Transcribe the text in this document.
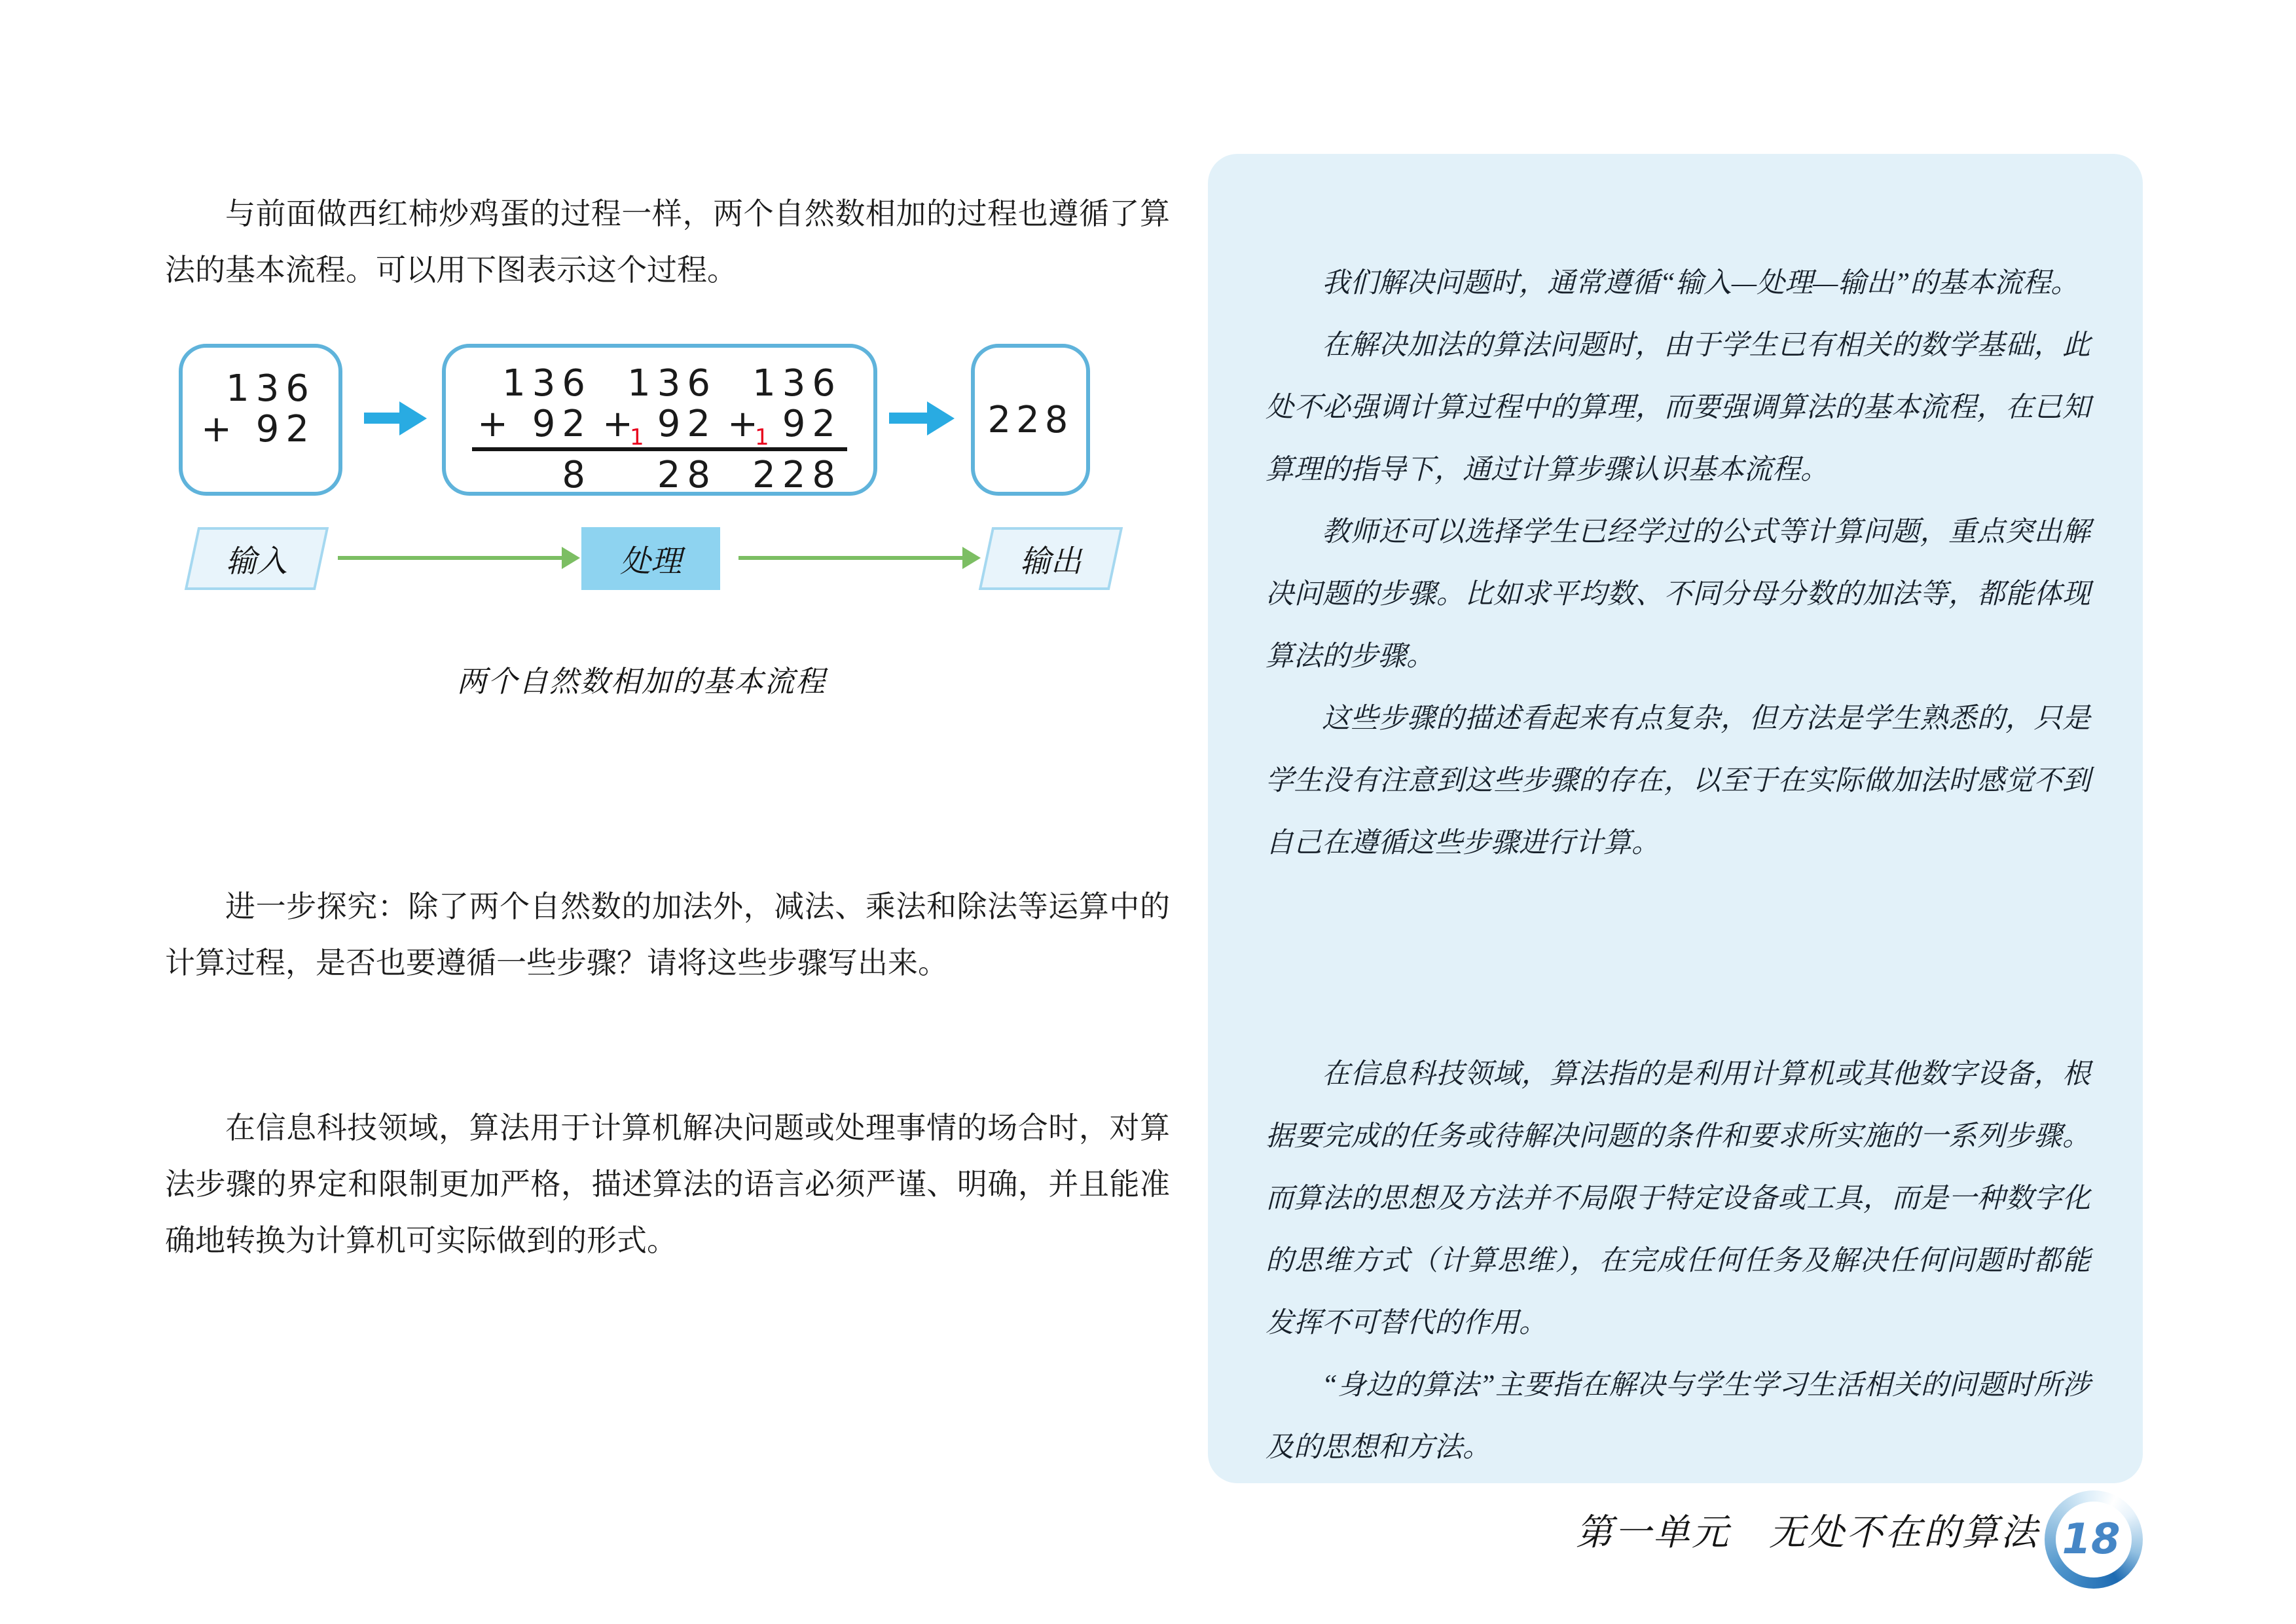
与前面做西红柿炒鸡蛋的过程一样，两个自然数相加的过程也遵循了算法的基本流程。可以用下图表示这个过程。

136
+ 92
136
+ 92
8
136
+
1 92
28
136
+
1 92
228
228
输入	处理	输出
两个自然数相加的基本流程

进一步探究：除了两个自然数的加法外，减法、乘法和除法等运算中的计算过程，是否也要遵循一些步骤？请将这些步骤写出来。

在信息科技领域，算法用于计算机解决问题或处理事情的场合时，对算法步骤的界定和限制更加严格，描述算法的语言必须严谨、明确，并且能准确地转换为计算机可实际做到的形式。

我们解决问题时，通常遵循“输入—处理—输出”的基本流程。

在解决加法的算法问题时，由于学生已有相关的数学基础，此处不必强调计算过程中的算理，而要强调算法的基本流程，在已知算理的指导下，通过计算步骤认识基本流程。

教师还可以选择学生已经学过的公式等计算问题，重点突出解决问题的步骤。比如求平均数、不同分母分数的加法等，都能体现算法的步骤。

这些步骤的描述看起来有点复杂，但方法是学生熟悉的，只是学生没有注意到这些步骤的存在，以至于在实际做加法时感觉不到自己在遵循这些步骤进行计算。

在信息科技领域，算法指的是利用计算机或其他数字设备，根据要完成的任务或待解决问题的条件和要求所实施的一系列步骤。而算法的思想及方法并不局限于特定设备或工具，而是一种数字化的思维方式（计算思维），在完成任何任务及解决任何问题时都能发挥不可替代的作用。

“身边的算法”主要指在解决与学生学习生活相关的问题时所涉及的思想和方法。

第一单元　无处不在的算法 18
